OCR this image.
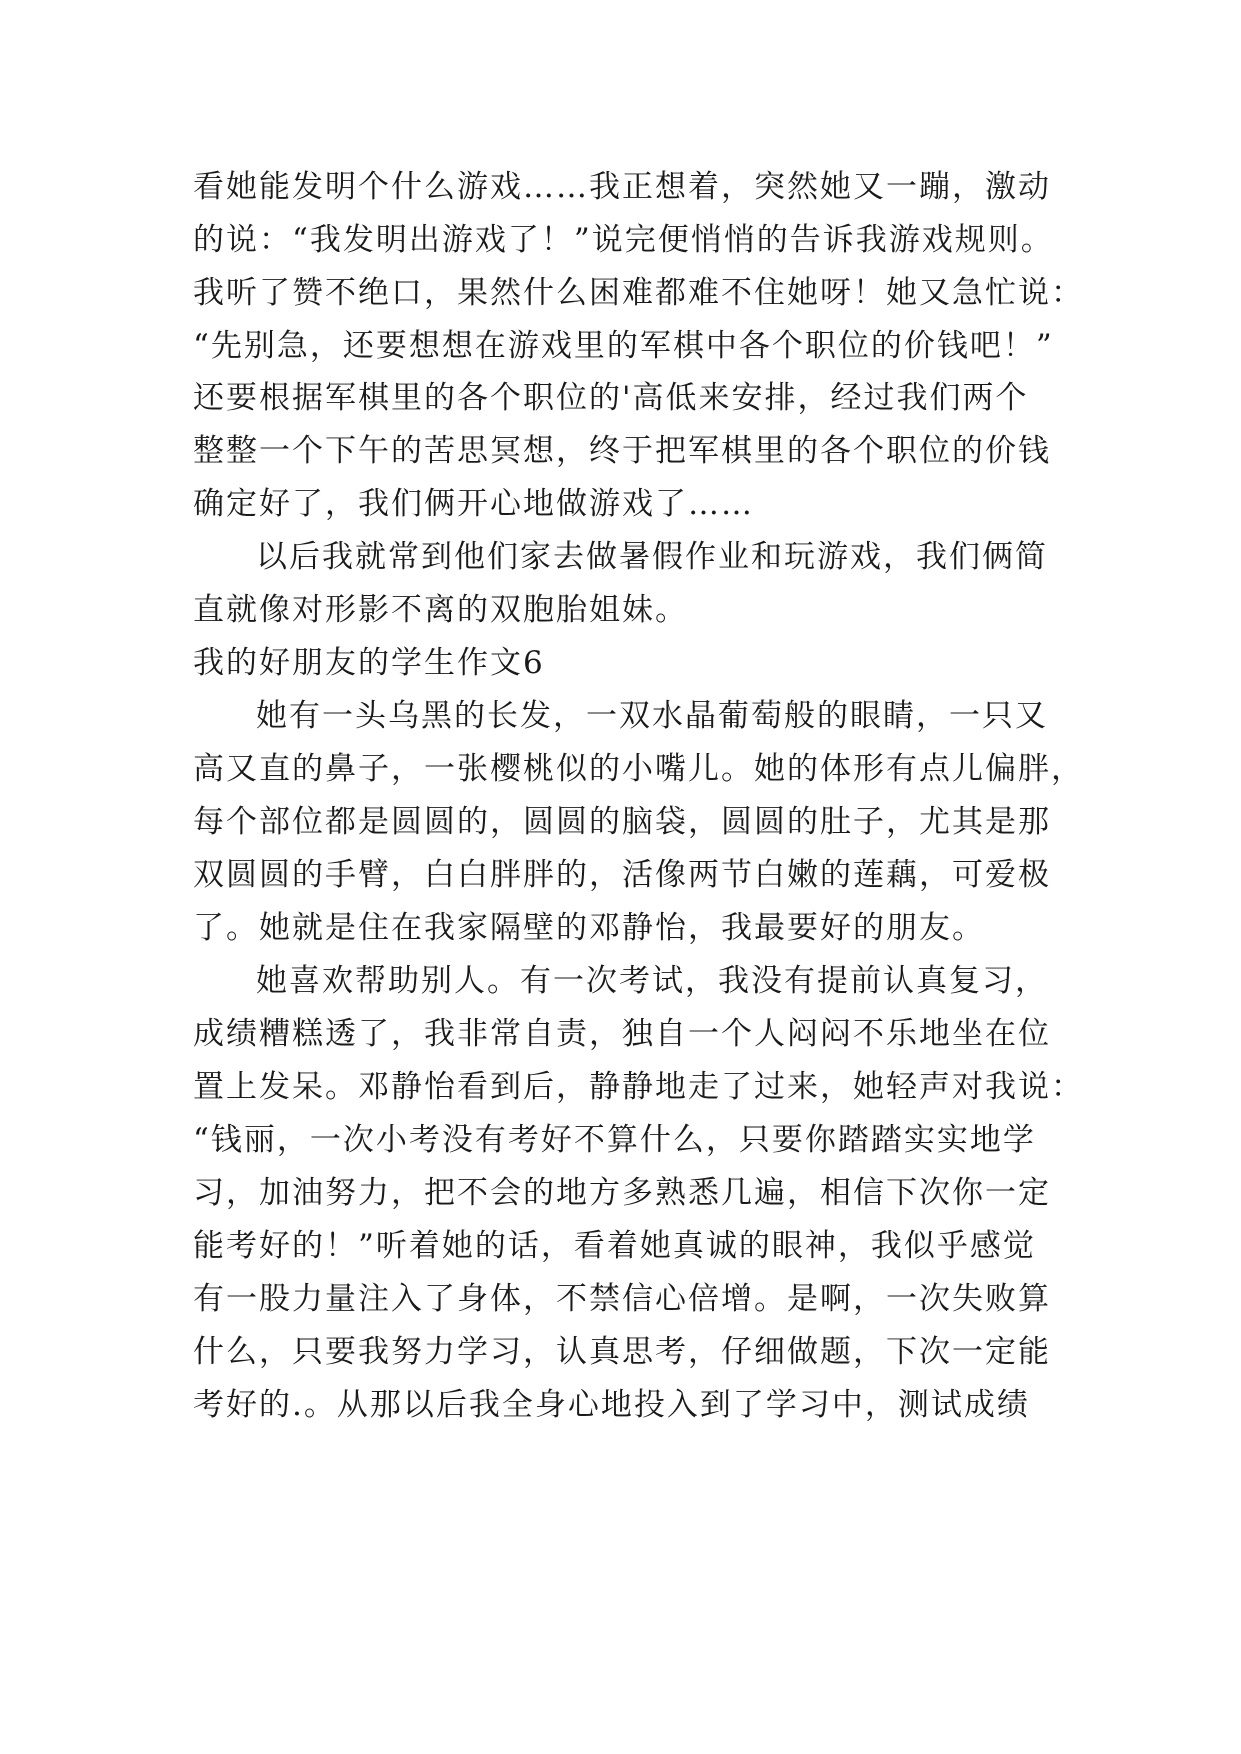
看她能发明个什么游戏……我正想着，突然她又一蹦，激动
的说：“我发明出游戏了！”说完便悄悄的告诉我游戏规则。
我听了赞不绝口，果然什么困难都难不住她呀！她又急忙说：
“先别急，还要想想在游戏里的军棋中各个职位的价钱吧！”
还要根据军棋里的各个职位的'高低来安排，经过我们两个
整整一个下午的苦思冥想，终于把军棋里的各个职位的价钱
确定好了，我们俩开心地做游戏了……
以后我就常到他们家去做暑假作业和玩游戏，我们俩简
直就像对形影不离的双胞胎姐妹。
我的好朋友的学生作文6
她有一头乌黑的长发，一双水晶葡萄般的眼睛，一只又
高又直的鼻子，一张樱桃似的小嘴儿。她的体形有点儿偏胖，
每个部位都是圆圆的，圆圆的脑袋，圆圆的肚子，尤其是那
双圆圆的手臂，白白胖胖的，活像两节白嫩的莲藕，可爱极
了。她就是住在我家隔壁的邓静怡，我最要好的朋友。
她喜欢帮助别人。有一次考试，我没有提前认真复习，
成绩糟糕透了，我非常自责，独自一个人闷闷不乐地坐在位
置上发呆。邓静怡看到后，静静地走了过来，她轻声对我说：
“钱丽，一次小考没有考好不算什么，只要你踏踏实实地学
习，加油努力，把不会的地方多熟悉几遍，相信下次你一定
能考好的！”听着她的话，看着她真诚的眼神，我似乎感觉
有一股力量注入了身体，不禁信心倍增。是啊，一次失败算
什么，只要我努力学习，认真思考，仔细做题，下次一定能
考好的.。从那以后我全身心地投入到了学习中，测试成绩
